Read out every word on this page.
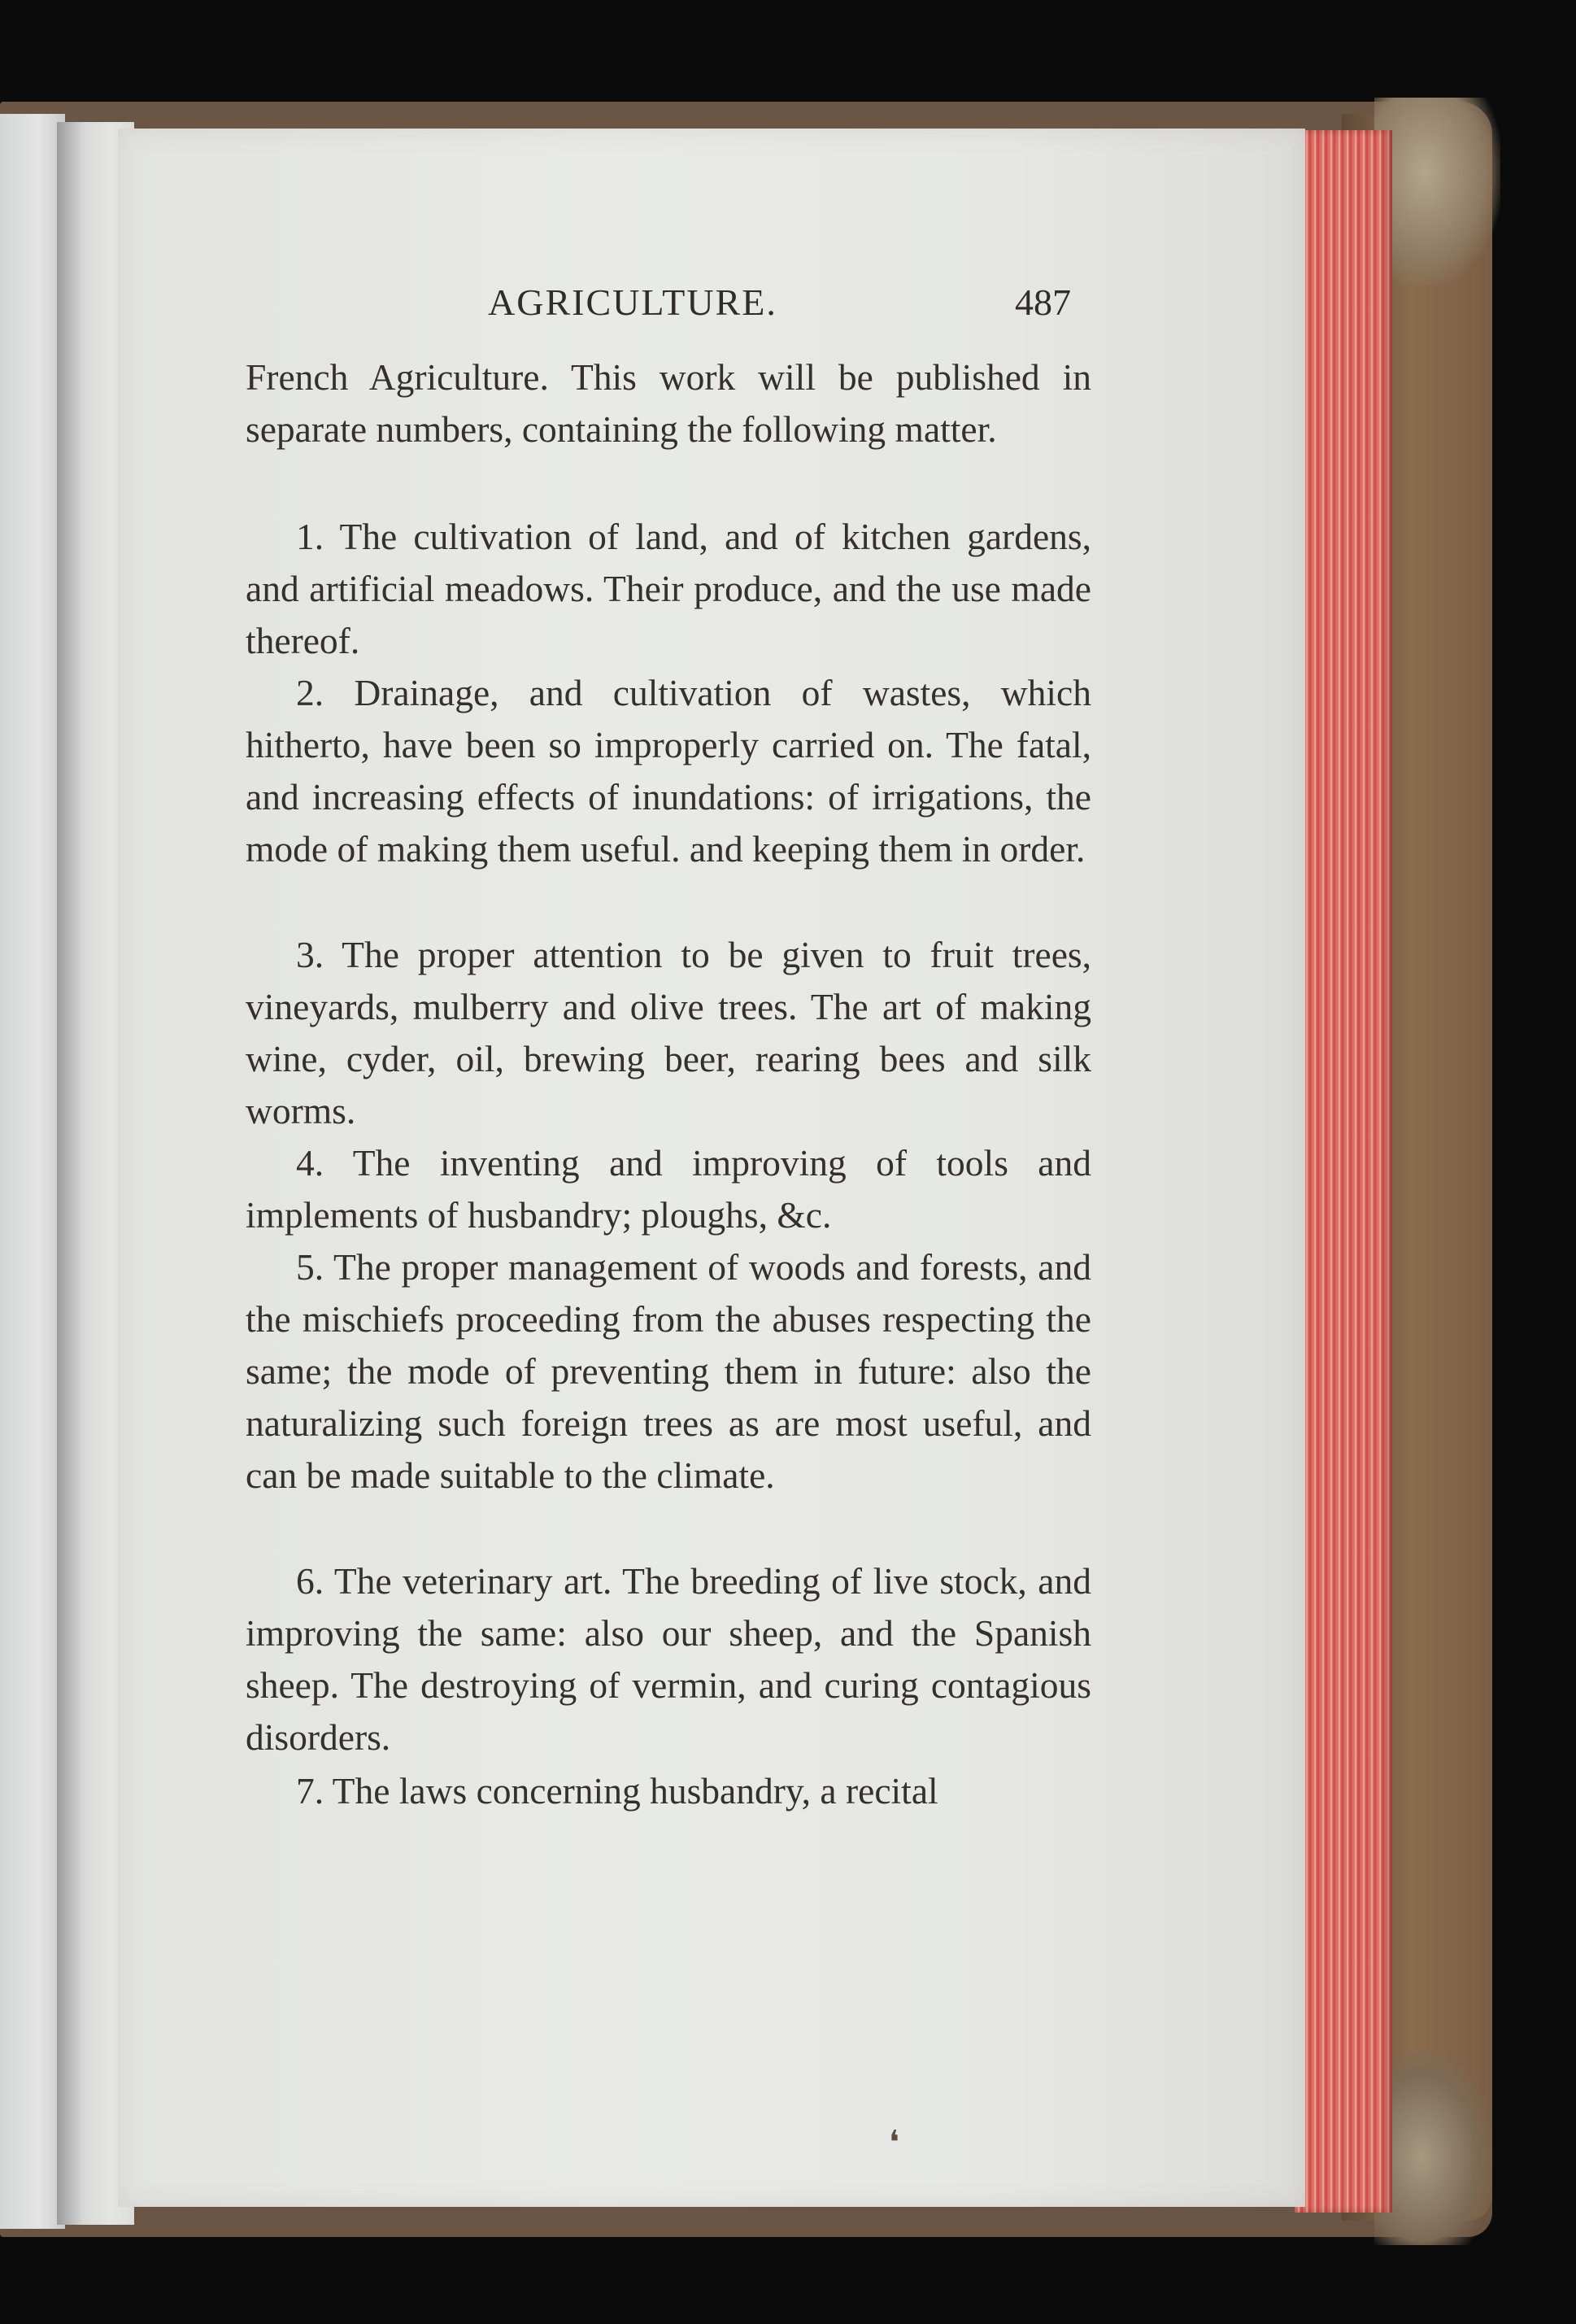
AGRICULTURE.	487

French Agriculture. This work will be published in separate numbers, containing the following matter.

1. The cultivation of land, and of kitchen gardens, and artificial meadows. Their produce, and the use made thereof.

2. Drainage, and cultivation of wastes, which hitherto, have been so improperly carried on. The fatal, and increasing effects of inundations: of irrigations, the mode of making them useful. and keeping them in order.

3. The proper attention to be given to fruit trees, vineyards, mulberry and olive trees. The art of making wine, cyder, oil, brewing beer, rearing bees and silk worms.

4. The inventing and improving of tools and implements of husbandry; ploughs, &c.

5. The proper management of woods and forests, and the mischiefs proceeding from the abuses respecting the same; the mode of preventing them in future: also the naturalizing such foreign trees as are most useful, and can be made suitable to the climate.

6. The veterinary art. The breeding of live stock, and improving the same: also our sheep, and the Spanish sheep. The destroying of vermin, and curing contagious disorders.

7. The laws concerning husbandry, a recital

❛
